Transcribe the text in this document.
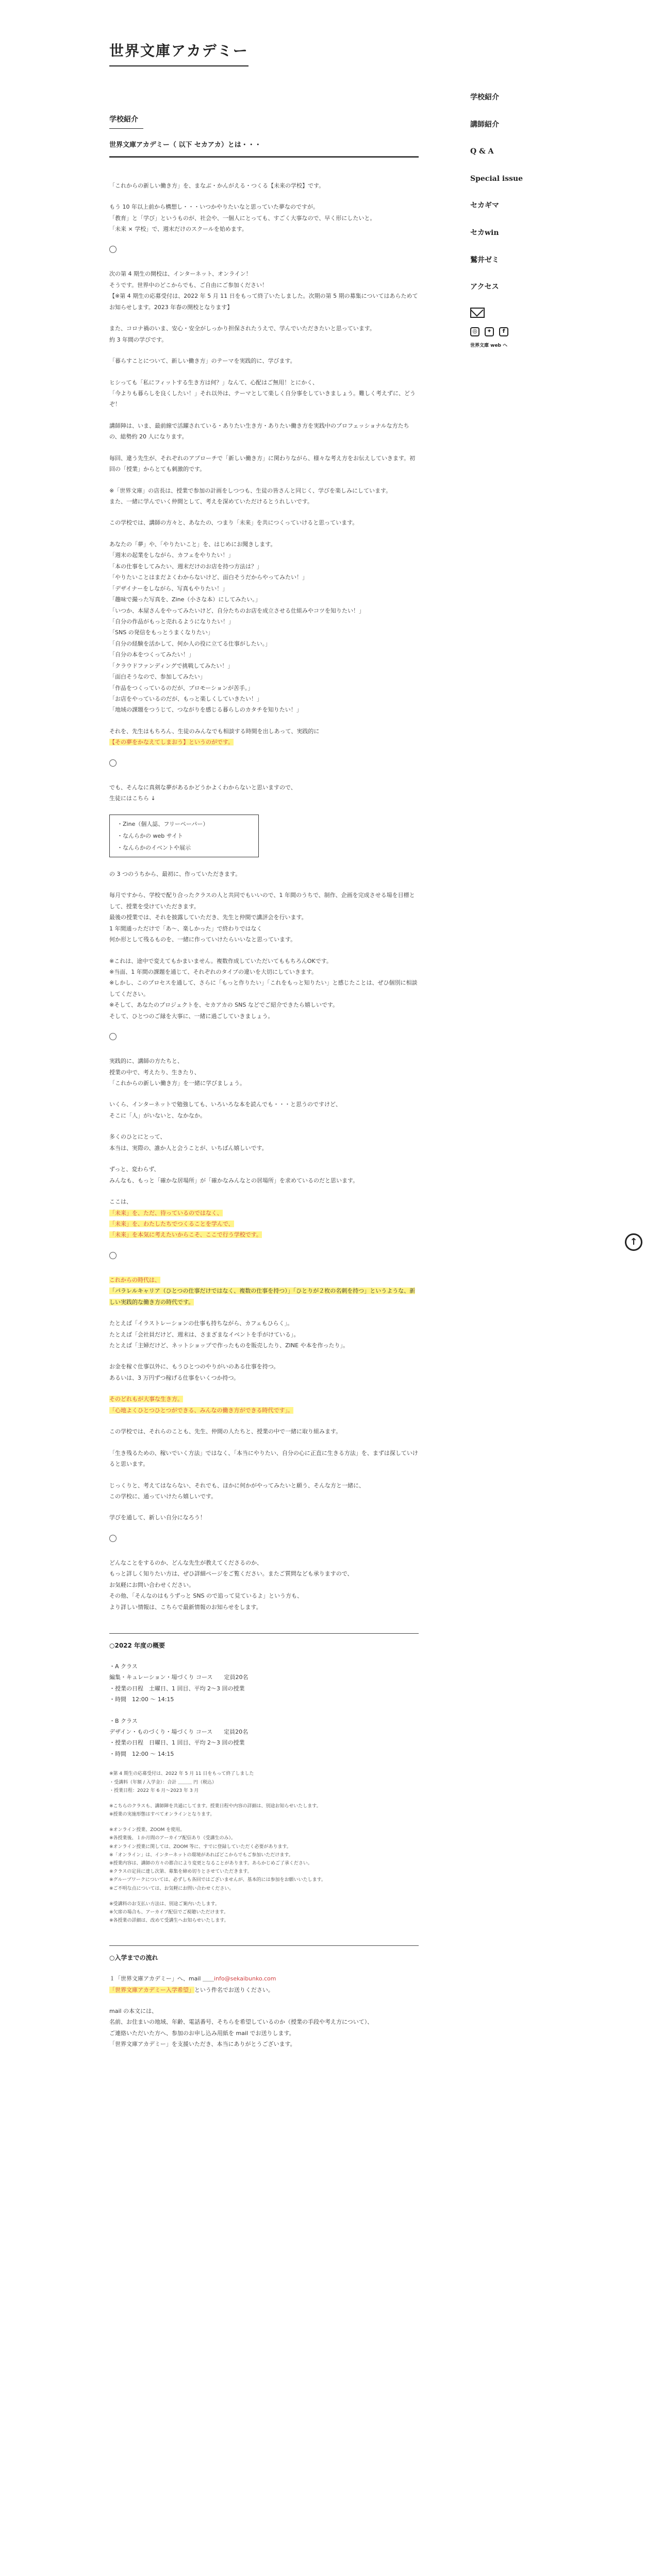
世界文庫アカデミー
学校紹介
世界文庫アカデミー（ 以下 セカアカ）とは・・・
「これからの新しい働き方」を、まなぶ・かんがえる・つくる【未来の学校】です。
もう 10 年以上前から構想し・・・いつかやりたいなと思っていた夢なのですが。
「教育」と「学び」というものが、社会や、一個人にとっても、すごく大事なので、早く形にしたいと。
「未来 × 学校」で、週末だけのスクールを始めます。
次の第 4 期生の開校は、インターネット、オンライン！
そうです。世界中のどこからでも、ご自由にご参加ください！
【※第 4 期生の応募受付は、2022 年 5 月 11 日をもって終了いたしました。次期の第 5 期の募集についてはあらためてお知らせします。2023 年春の開校となります】
また、コロナ禍のいま、安心・安全がしっかり担保されたうえで、学んでいただきたいと思っています。
約 3 年間の学びです。
「暮らすことについて、新しい働き方」のテーマを実践的に、学びます。
ヒシっても「私にフィットする生き方は何？」なんて、心配はご無用！とにかく、
「今よりも暮らしを良くしたい！」それ以外は、テーマとして楽しく自分事をしていきましょう。難しく考えずに、どうぞ！
講師陣は、いま、最前線で活躍されている・ありたい生き方・ありたい働き方を実践中のプロフェッショナルな方たちの、総勢約 20 人になります。
毎回、違う先生が、それぞれのアプローチで「新しい働き方」に関わりながら、様々な考え方をお伝えしていきます。初回の「授業」からとても刺激的です。
※「世界文庫」の店長は、授業で参加の計画をしつつも、生徒の皆さんと同じく、学びを楽しみにしています。
また、一緒に学んでいく仲間として、考えを深めていただけるとうれしいです。
この学校では、講師の方々と、あなたの、つまり「未来」を共につくっていけると思っています。
あなたの「夢」や、「やりたいこと」を、はじめにお聞きします。
「週末の起業をしながら、カフェをやりたい！」
「本の仕事をしてみたい、週末だけのお店を持つ方法は？」
「やりたいことはまだよくわからないけど、面白そうだからやってみたい！」
「デザイナーをしながら、写真もやりたい！」
「趣味で撮った写真を、Zine（小さな本）にしてみたい。」
「いつか、本屋さんをやってみたいけど、自分たちのお店を成立させる仕組みやコツを知りたい！」
「自分の作品がもっと売れるようになりたい！」
「SNS の発信をもっとうまくなりたい」
「自分の経験を活かして、何か人の役に立てる仕事がしたい。」
「自分の本をつくってみたい！」
「クラウドファンディングで挑戦してみたい！」
「面白そうなので、参加してみたい」
「作品をつくっているのだが、プロモーションが苦手。」
「お店をやっているのだが、もっと楽しくしていきたい！」
「地域の課題をつうじて、つながりを感じる暮らしのカタチを知りたい！」
それを、先生はもちろん、生徒のみんなでも相談する時間を出しあって、実践的に
【その夢をかなえてしまおう】というのがです。
でも、そんなに真剣な夢があるかどうかよくわからないと思いますので、
生徒にはこちら ↓
・Zine（個人誌、フリーペーパー）
・なんらかの web サイト
・なんらかのイベントや展示
の 3 つのうちから、最初に、作っていただきます。
毎月ですから、学校で配り合ったクラスの人と共同でもいいので、1 年間のうちで、制作、企画を完成させる場を目標として、授業を受けていただきます。
最後の授業では、それを披露していただき、先生と仲間で講評会を行います。
1 年間通っただけで「あ～、楽しかった」で終わりではなく
何か形として残るものを、一緒に作っていけたらいいなと思っています。
※これは、途中で変えてもかまいません。複数作成していただいてももちろんOKです。
※当面、1 年間の課題を通じて、それぞれのタイプの違いを大切にしていきます。
※しかし、このプロセスを通して、さらに「もっと作りたい」「これをもっと知りたい」と感じたことは、ぜひ個別に相談してください。
※そして、あなたのプロジェクトを、セカアカの SNS などでご紹介できたら嬉しいです。
そして、ひとつのご縁を大事に、一緒に過ごしていきましょう。
実践的に、講師の方たちと、
授業の中で、考えたり、生きたり、
「これからの新しい働き方」を一緒に学びましょう。
いくら、インターネットで勉強しても、いろいろな本を読んでも・・・と思うのですけど、
そこに「人」がいないと、なかなか。
多くのひとにとって、
本当は、実際の、誰か人と会うことが、いちばん嬉しいです。
ずっと、変わらず、
みんなも、もっと「確かな居場所」が「確かなみんなとの居場所」を求めているのだと思います。
ここは、
「未来」を、ただ、待っているのではなく、
「未来」を、わたしたちでつくることを学んで、
「未来」を本気に考えたいからこそ、ここで行う学校です。
これからの時代は、
「パラレルキャリア（ひとつの仕事だけではなく、複数の仕事を持つ）」「ひとりが２枚の名刺を持つ」というような、新しい実践的な働き方の時代です。
たとえば「イラストレーションの仕事も持ちながら、カフェもひらく」。
たとえば「会社員だけど、週末は、さまざまなイベントを手がけている」。
たとえば「主婦だけど、ネットショップで作ったものを販売したり、ZINE や本を作ったり」。
お金を稼ぐ仕事以外に、もうひとつのやりがいのある仕事を持つ。
あるいは、3 万円ずつ稼げる仕事をいくつか持つ。
そのどれもが大事な生き方。
「心地よくひとつひとつができる、みんなの働き方ができる時代です」。
この学校では、それらのことも、先生、仲間の人たちと、授業の中で一緒に取り組みます。
「生き残るための、稼いでいく方法」ではなく、「本当にやりたい、自分の心に正直に生きる方法」を、まずは探していけると思います。
じっくりと、考えてはならない、それでも、ほかに何かがやってみたいと願う、そんな方と一緒に、
この学校に、通っていけたら嬉しいです。
学びを通して、新しい自分になろう！
どんなことをするのか、どんな先生が教えてくださるのか、
もっと詳しく知りたい方は、ぜひ詳細ページをご覧ください。またご質問なども承りますので、
お気軽にお問い合わせください。
その他、「そんなのはもうずっと SNS ので追って見ているよ」という方も、
より詳しい情報は、こちらで最新情報のお知らせをします。
○2022 年度の概要
・A クラス
編集・キュレーション・場づくり コース　　定員20名
・授業の日程　土曜日、1 回目、平均 2～3 回の授業
・時間　12:00 ～ 14:15
・B クラス
デザイン・ものづくり・場づくり コース　　定員20名
・授業の日程　日曜日、1 回目、平均 2～3 回の授業
・時間　12:00 ～ 14:15
※第 4 期生の応募受付は、2022 年 5 月 11 日をもって終了しました
・受講料（年額 / 入学金）：合計 ＿＿＿ 円（税込）
・授業日程：2022 年 6 月～2023 年 3 月
※こちらのクラスも、講師陣を共通にしてます。授業日程や内容の詳細は、別途お知らせいたします。
※授業の実施形態はすべてオンラインとなります。
※オンライン授業、ZOOM を使用。
※各授業後、１か月間のアーカイブ配信あり（受講生のみ）。
※オンライン授業に関しては、ZOOM 等に、すでに登録していただく必要があります。
※「オンライン」は、インターネットの環境があればどこからでもご参加いただけます。
※授業内容は、講師の方々の都合により変更となることがあります。あらかじめご了承ください。
※クラスの定員に達し次第、募集を締め切りとさせていただきます。
※グループワークについては、必ずしも各回ではございませんが、基本的には参加をお願いいたします。
※ご不明な点については、お気軽にお問い合わせください。
※受講料のお支払い方法は、別途ご案内いたします。
※欠席の場合も、アーカイブ配信でご視聴いただけます。
※各授業の詳細は、改めて受講生へお知らせいたします。
○入学までの流れ
１「世界文庫アカデミー」へ、mail ＿＿info@sekaibunko.com
「世界文庫アカデミー入学希望」という件名でお送りください。
mail の本文には、
名前、お住まいの地域、年齢、電話番号、そちらを希望しているのか（授業の手段や考え方について）、
ご連絡いただいた方へ、参加のお申し込み用紙を mail でお送りします。
「世界文庫アカデミー」を支援いただき、本当にありがとうございます。
学校紹介
講師紹介
Q & A
Special issue
セカギマ
セカwin
鷲井ゼミ
アクセス
◎	✦	f
世界文庫 web へ
↑
